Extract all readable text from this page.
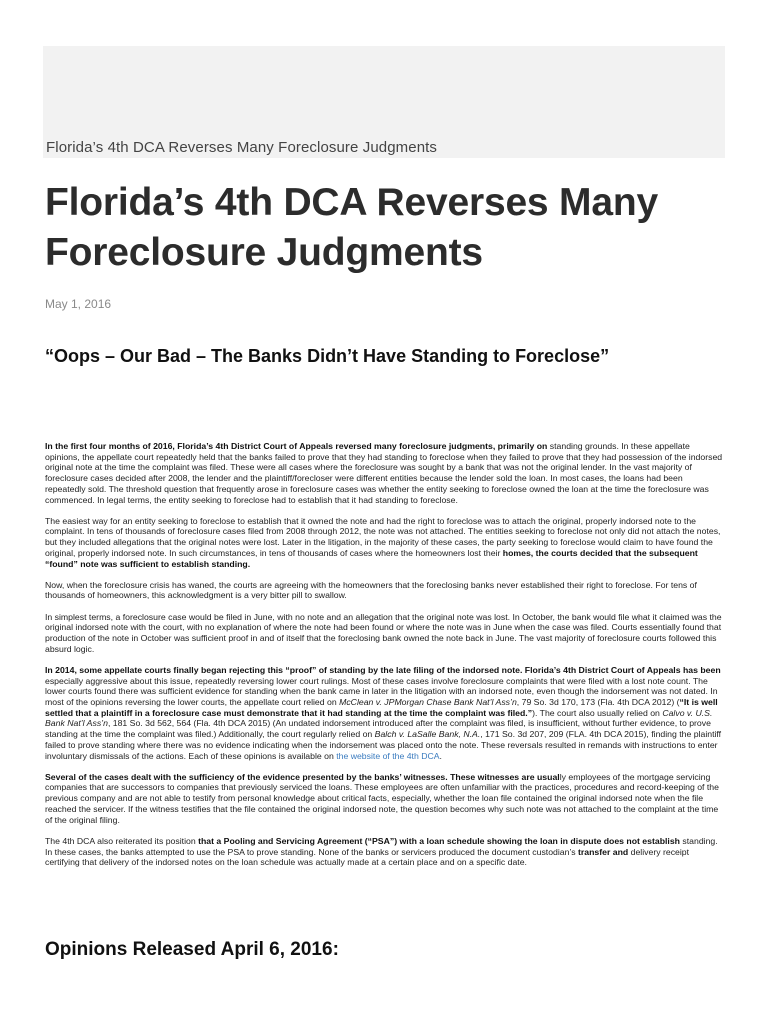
Florida’s 4th DCA Reverses Many Foreclosure Judgments

Florida’s 4th DCA Reverses Many Foreclosure Judgments

May 1, 2016

“Oops – Our Bad – The Banks Didn’t Have Standing to Foreclose”

In the first four months of 2016, Florida’s 4th District Court of Appeals reversed many foreclosure judgments, primarily on standing grounds. In these appellate opinions, the appellate court repeatedly held that the banks failed to prove that they had standing to foreclose when they failed to prove that they had possession of the indorsed original note at the time the complaint was filed. These were all cases where the foreclosure was sought by a bank that was not the original lender. In the vast majority of foreclosure cases decided after 2008, the lender and the plaintiff/forecloser were different entities because the lender sold the loan. In most cases, the loans had been repeatedly sold. The threshold question that frequently arose in foreclosure cases was whether the entity seeking to foreclose owned the loan at the time the foreclosure was commenced. In legal terms, the entity seeking to foreclose had to establish that it had standing to foreclose.

The easiest way for an entity seeking to foreclose to establish that it owned the note and had the right to foreclose was to attach the original, properly indorsed note to the complaint. In tens of thousands of foreclosure cases filed from 2008 through 2012, the note was not attached. The entities seeking to foreclose not only did not attach the notes, but they included allegations that the original notes were lost. Later in the litigation, in the majority of these cases, the party seeking to foreclose would claim to have found the original, properly indorsed note. In such circumstances, in tens of thousands of cases where the homeowners lost their homes, the courts decided that the subsequent “found” note was sufficient to establish standing.

Now, when the foreclosure crisis has waned, the courts are agreeing with the homeowners that the foreclosing banks never established their right to foreclose. For tens of thousands of homeowners, this acknowledgment is a very bitter pill to swallow.

In simplest terms, a foreclosure case would be filed in June, with no note and an allegation that the original note was lost. In October, the bank would file what it claimed was the original indorsed note with the court, with no explanation of where the note had been found or where the note was in June when the case was filed. Courts essentially found that production of the note in October was sufficient proof in and of itself that the foreclosing bank owned the note back in June. The vast majority of foreclosure courts followed this absurd logic.

In 2014, some appellate courts finally began rejecting this “proof” of standing by the late filing of the indorsed note. Florida’s 4th District Court of Appeals has been especially aggressive about this issue, repeatedly reversing lower court rulings. Most of these cases involve foreclosure complaints that were filed with a lost note count. The lower courts found there was sufficient evidence for standing when the bank came in later in the litigation with an indorsed note, even though the indorsement was not dated. In most of the opinions reversing the lower courts, the appellate court relied on McClean v. JPMorgan Chase Bank Nat’l Ass’n, 79 So. 3d 170, 173 (Fla. 4th DCA 2012) (“It is well settled that a plaintiff in a foreclosure case must demonstrate that it had standing at the time the complaint was filed.”). The court also usually relied on Calvo v. U.S. Bank Nat’l Ass’n, 181 So. 3d 562, 564 (Fla. 4th DCA 2015) (An undated indorsement introduced after the complaint was filed, is insufficient, without further evidence, to prove standing at the time the complaint was filed.) Additionally, the court regularly relied on Balch v. LaSalle Bank, N.A., 171 So. 3d 207, 209 (FLA. 4th DCA 2015), finding the plaintiff failed to prove standing where there was no evidence indicating when the indorsement was placed onto the note. These reversals resulted in remands with instructions to enter involuntary dismissals of the actions. Each of these opinions is available on the website of the 4th DCA.

Several of the cases dealt with the sufficiency of the evidence presented by the banks’ witnesses. These witnesses are usually employees of the mortgage servicing companies that are successors to companies that previously serviced the loans. These employees are often unfamiliar with the practices, procedures and record-keeping of the previous company and are not able to testify from personal knowledge about critical facts, especially, whether the loan file contained the original indorsed note when the file reached the servicer. If the witness testifies that the file contained the original indorsed note, the question becomes why such note was not attached to the complaint at the time of the original filing.

The 4th DCA also reiterated its position that a Pooling and Servicing Agreement (“PSA”) with a loan schedule showing the loan in dispute does not establish standing. In these cases, the banks attempted to use the PSA to prove standing. None of the banks or servicers produced the document custodian’s transfer and delivery receipt certifying that delivery of the indorsed notes on the loan schedule was actually made at a certain place and on a specific date.

Opinions Released April 6, 2016:
